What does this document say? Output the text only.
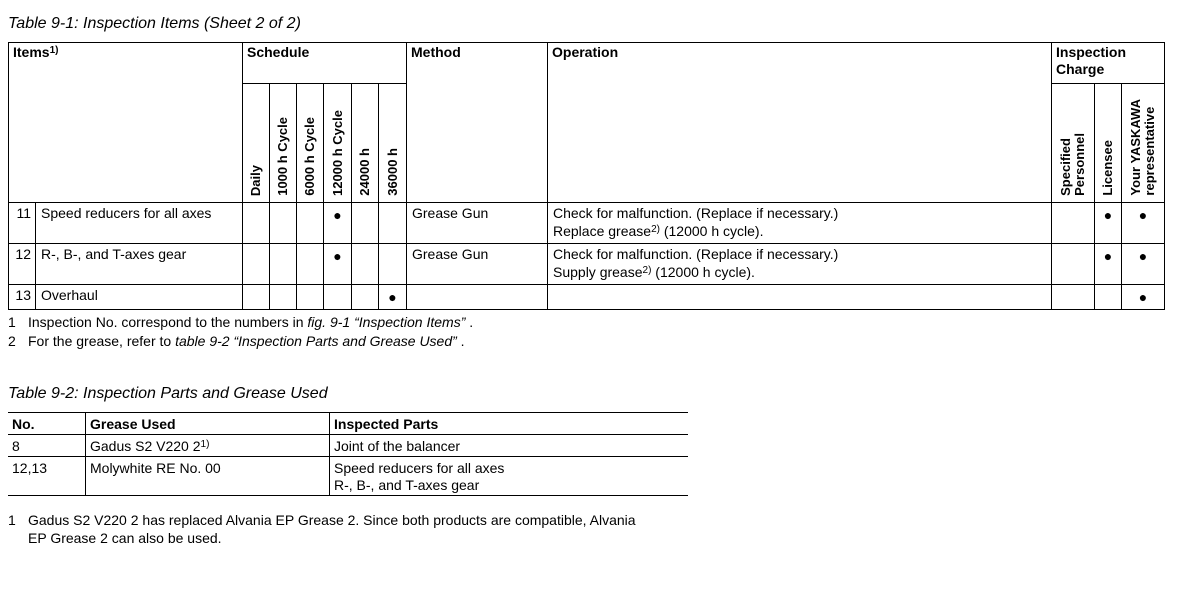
Table 9-1: Inspection Items (Sheet 2 of 2)
Items$^{1)}$		Schedule						Method	Operation	Inspection
Charge		

		Daily	1000 h Cycle	6000 h Cycle	12000 h Cycle	24000 h	36000 h			Specified
Personnel	Licensee	Your YASKAWA
representative

11	Speed reducers for all axes				●			Grease Gun	Check for malfunction. (Replace if necessary.)
Replace grease$^{2)}$ (12000 h cycle).		●	●
12	R-, B-, and T-axes gear				●			Grease Gun	Check for malfunction. (Replace if necessary.)
Supply grease$^{2)}$ (12000 h cycle).		●	●
13	Overhaul						●					●
1 Inspection No. correspond to the numbers in fig. 9-1 “Inspection Items” .
2 For the grease, refer to table 9-2 “Inspection Parts and Grease Used” .
Table 9-2: Inspection Parts and Grease Used
No.	Grease Used	Inspected Parts
8	Gadus S2 V220 2$^{1)}$	Joint of the balancer

12,13	Molywhite RE No. 00	Speed reducers for all axes
R-, B-, and T-axes gear
1 Gadus S2 V220 2 has replaced Alvania EP Grease 2. Since both products are compatible, Alvania
EP Grease 2 can also be used.
